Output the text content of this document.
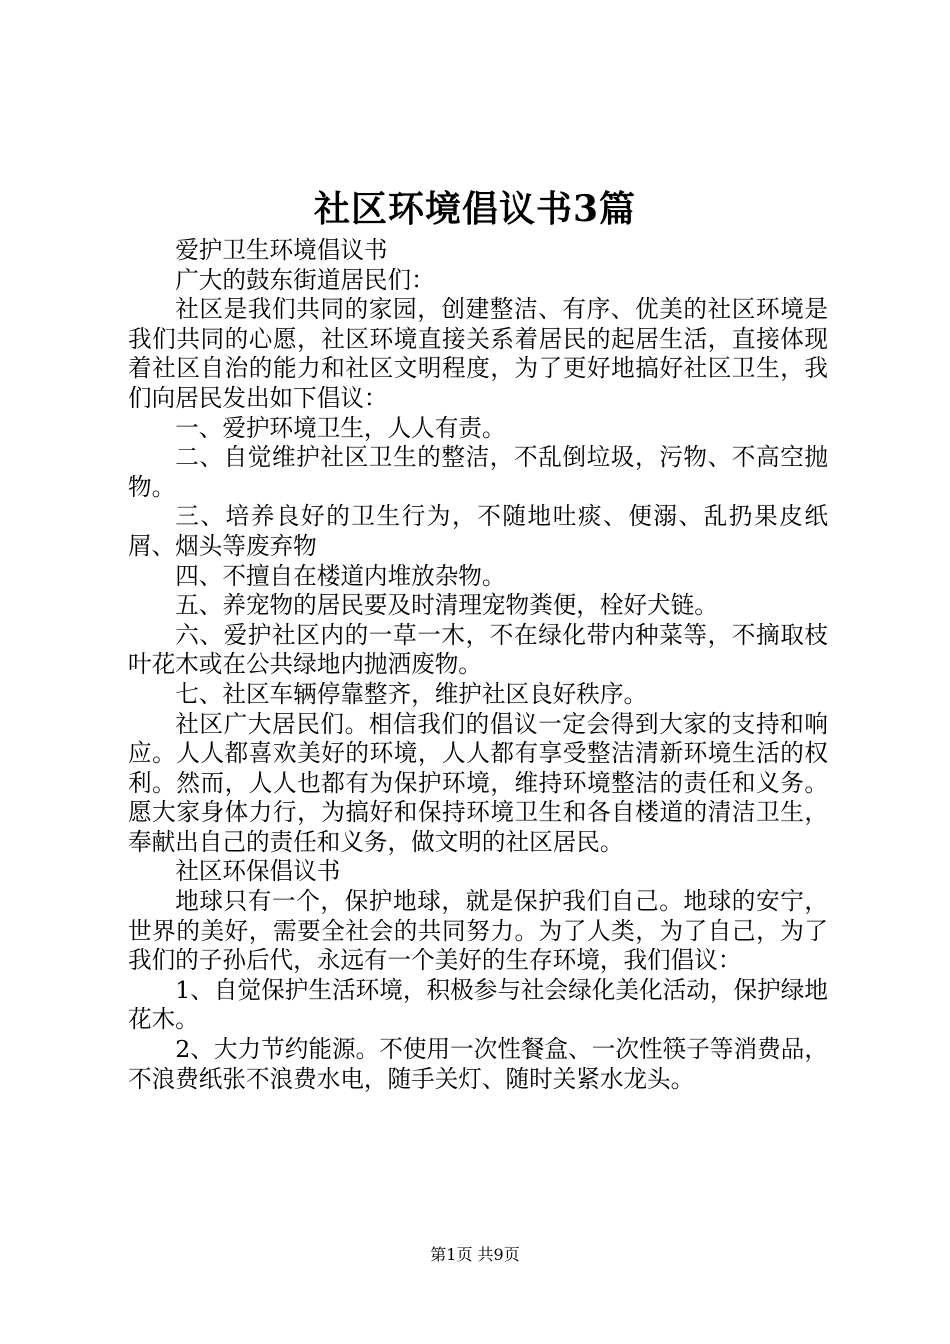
社区环境倡议书3篇

爱护卫生环境倡议书

广大的鼓东街道居民们：

社区是我们共同的家园，创建整洁、有序、优美的社区环境是我们共同的心愿，社区环境直接关系着居民的起居生活，直接体现着社区自治的能力和社区文明程度，为了更好地搞好社区卫生，我们向居民发出如下倡议：

一、爱护环境卫生，人人有责。

二、自觉维护社区卫生的整洁，不乱倒垃圾，污物、不高空抛物。

三、培养良好的卫生行为，不随地吐痰、便溺、乱扔果皮纸屑、烟头等废弃物

四、不擅自在楼道内堆放杂物。

五、养宠物的居民要及时清理宠物粪便，栓好犬链。

六、爱护社区内的一草一木，不在绿化带内种菜等，不摘取枝叶花木或在公共绿地内抛洒废物。

七、社区车辆停靠整齐，维护社区良好秩序。

社区广大居民们。相信我们的倡议一定会得到大家的支持和响应。人人都喜欢美好的环境，人人都有享受整洁清新环境生活的权利。然而，人人也都有为保护环境，维持环境整洁的责任和义务。愿大家身体力行，为搞好和保持环境卫生和各自楼道的清洁卫生，奉献出自己的责任和义务，做文明的社区居民。

社区环保倡议书

地球只有一个，保护地球，就是保护我们自己。地球的安宁，世界的美好，需要全社会的共同努力。为了人类，为了自己，为了我们的子孙后代，永远有一个美好的生存环境，我们倡议：

1、自觉保护生活环境，积极参与社会绿化美化活动，保护绿地花木。

2、大力节约能源。不使用一次性餐盒、一次性筷子等消费品，不浪费纸张不浪费水电，随手关灯、随时关紧水龙头。

第1页 共9页
